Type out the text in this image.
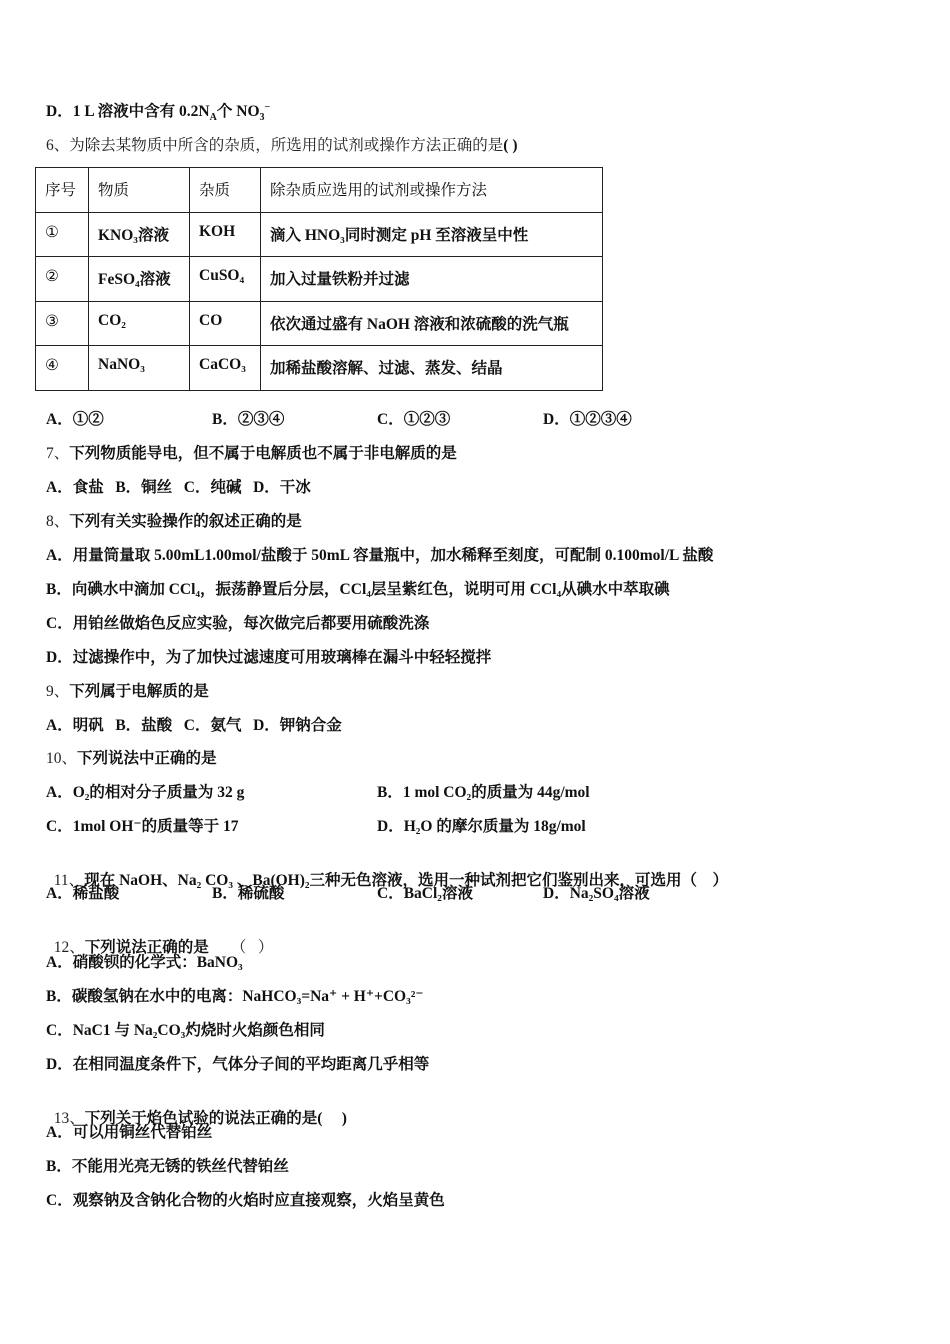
D．1 L 溶液中含有 $0.2N_A$个 $NO_3^-$
6、为除去某物质中所含的杂质，所选用的试剂或操作方法正确的是( )
序号	物质	杂质	除杂质应选用的试剂或操作方法
①	KNO₃溶液	KOH	滴入 HNO₃同时测定 pH 至溶液呈中性
②	FeSO₄溶液	CuSO₄	加入过量铁粉并过滤
③	CO₂	CO	依次通过盛有 NaOH 溶液和浓硫酸的洗气瓶
④	NaNO₃	CaCO₃	加稀盐酸溶解、过滤、蒸发、结晶
A．①②	B．②③④	C．①②③	D．①②③④
7、下列物质能导电，但不属于电解质也不属于非电解质的是
A．食盐   B．铜丝   C．纯碱   D．干冰
8、下列有关实验操作的叙述正确的是
A．用量筒量取 5.00mL1.00mol/盐酸于 50mL 容量瓶中，加水稀释至刻度，可配制 0.100mol/L 盐酸
B．向碘水中滴加 CCl₄，振荡静置后分层，CCl₄层呈紫红色，说明可用 CCl₄从碘水中萃取碘
C．用铂丝做焰色反应实验，每次做完后都要用硫酸洗涤
D．过滤操作中，为了加快过滤速度可用玻璃棒在漏斗中轻轻搅拌
9、下列属于电解质的是
A．明矾   B．盐酸   C．氨气   D．钾钠合金
10、下列说法中正确的是
A．O₂的相对分子质量为 32 g	B．1 mol CO₂的质量为 44g/mol
C．1mol OH⁻的质量等于 17	D．H₂O 的摩尔质量为 18g/mol

11、现在 NaOH、Na₂ CO₃ 、Ba(OH)₂三种无色溶液，选用一种试剂把它们鉴别出来，可选用（    ）

A．稀盐酸	B．稀硫酸	C．BaCl₂溶液	D．Na₂SO₄溶液

12、下列说法正确的是 （   ）

A．硝酸钡的化学式：BaNO₃
B．碳酸氢钠在水中的电离：NaHCO₃=Na⁺ + H⁺+CO₃²⁻
C．NaC1 与 Na₂CO₃灼烧时火焰颜色相同
D．在相同温度条件下，气体分子间的平均距离几乎相等

13、下列关于焰色试验的说法正确的是(     )

A．可以用铜丝代替铂丝
B．不能用光亮无锈的铁丝代替铂丝
C．观察钠及含钠化合物的火焰时应直接观察，火焰呈黄色
